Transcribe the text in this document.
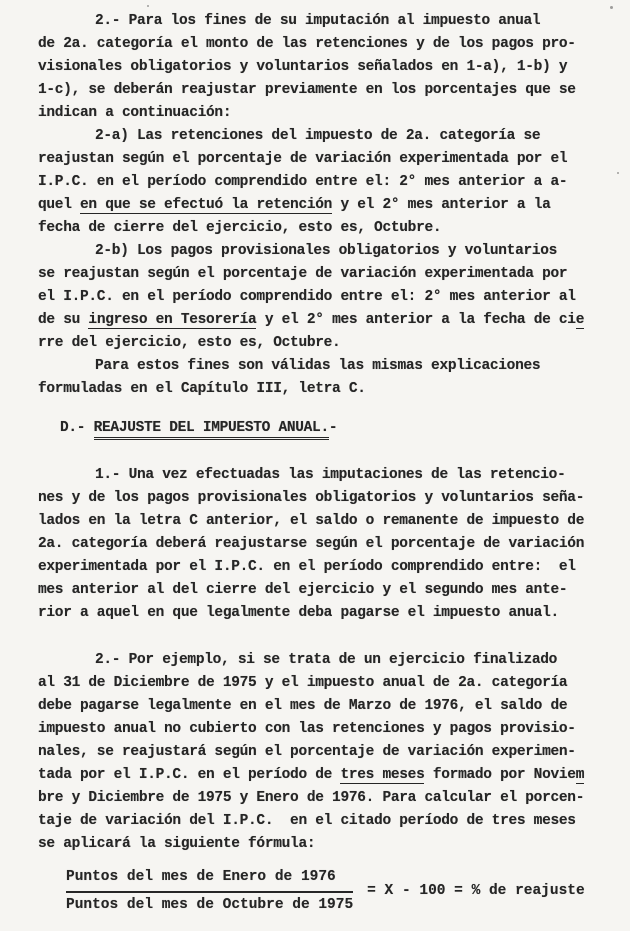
2.- Para los fines de su imputación al impuesto anual
de 2a. categoría el monto de las retenciones y de los pagos pro-
visionales obligatorios y voluntarios señalados en 1-a), 1-b) y
1-c), se deberán reajustar previamente en los porcentajes que se
indican a continuación:
2-a) Las retenciones del impuesto de 2a. categoría se
reajustan según el porcentaje de variación experimentada por el
I.P.C. en el período comprendido entre el: 2° mes anterior a a-
quel en que se efectuó la retención y el 2° mes anterior a la
fecha de cierre del ejercicio, esto es, Octubre.
2-b) Los pagos provisionales obligatorios y voluntarios
se reajustan según el porcentaje de variación experimentada por
el I.P.C. en el período comprendido entre el: 2° mes anterior al
de su ingreso en Tesorería y el 2° mes anterior a la fecha de cie
rre del ejercicio, esto es, Octubre.
Para estos fines son válidas las mismas explicaciones
formuladas en el Capítulo III, letra C.
D.- REAJUSTE DEL IMPUESTO ANUAL.-
1.- Una vez efectuadas las imputaciones de las retencio-
nes y de los pagos provisionales obligatorios y voluntarios seña-
lados en la letra C anterior, el saldo o remanente de impuesto de
2a. categoría deberá reajustarse según el porcentaje de variación
experimentada por el I.P.C. en el período comprendido entre:  el
mes anterior al del cierre del ejercicio y el segundo mes ante-
rior a aquel en que legalmente deba pagarse el impuesto anual.
2.- Por ejemplo, si se trata de un ejercicio finalizado
al 31 de Diciembre de 1975 y el impuesto anual de 2a. categoría
debe pagarse legalmente en el mes de Marzo de 1976, el saldo de
impuesto anual no cubierto con las retenciones y pagos provisio-
nales, se reajustará según el porcentaje de variación experimen-
tada por el I.P.C. en el período de tres meses formado por Noviem
bre y Diciembre de 1975 y Enero de 1976. Para calcular el porcen-
taje de variación del I.P.C.  en el citado período de tres meses
se aplicará la siguiente fórmula:
$\frac{\text{Puntos del mes de Enero de 1976}}{\text{Puntos del mes de Octubre de 1975}} = X - 100$ = % de reajuste
